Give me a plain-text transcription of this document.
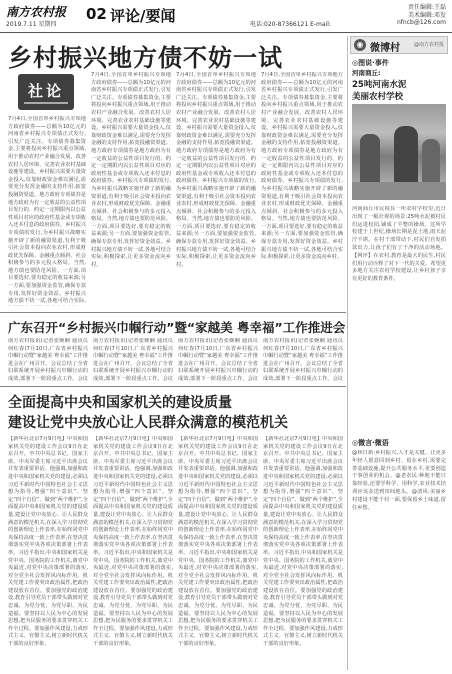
南方农村报
2019.7.11 星期四
02 评论/要闻	责任编辑:王磊
美术编辑:邓发
电话:020-87366121 E-mail:	nfncb@126.com
乡村振兴地方债不妨一试
社论
7月4日,全国首单乡村振兴专项地方政府债券——总额为10亿元的河南省乡村振兴专项债正式发行,引发广泛关注。专项债券募集资金,主要将投向乡村振兴重点领域,用于推动农村产业融合发展、改善农村人居环境、完善农业农村基础设施等建设。乡村振兴需要大量资金投入,仅靠财政资金难以满足,需要充分发挥金融的支持作用,拓宽投融资渠道。地方政府专项债券是地方政府为有一定收益的公益性项目发行的、约定一定期限内以公益性项目对应的政府性基金或专项收入还本付息的政府债券。乡村振兴专项债的发行,为乡村振兴战略实施开辟了新的融资渠道,有利于吸引社会资本投向农业农村,形成财政优先保障、金融重点倾斜、社会积极参与的多元投入格局。当然,地方债也要防范风险。一方面,项目要选好,要有稳定的收益来源;另一方面,要加强资金监管,确保专款专用,发挥好资金效益。乡村振兴地方债不妨一试,各地可结合实际,
7月4日,全国首单乡村振兴专项地方政府债券——总额为10亿元的河南省乡村振兴专项债正式发行,引发广泛关注。专项债券募集资金,主要将投向乡村振兴重点领域,用于推动农村产业融合发展、改善农村人居环境、完善农业农村基础设施等建设。乡村振兴需要大量资金投入,仅靠财政资金难以满足,需要充分发挥金融的支持作用,拓宽投融资渠道。地方政府专项债券是地方政府为有一定收益的公益性项目发行的、约定一定期限内以公益性项目对应的政府性基金或专项收入还本付息的政府债券。乡村振兴专项债的发行,为乡村振兴战略实施开辟了新的融资渠道,有利于吸引社会资本投向农业农村,形成财政优先保障、金融重点倾斜、社会积极参与的多元投入格局。当然,地方债也要防范风险。一方面,项目要选好,要有稳定的收益来源;另一方面,要加强资金监管,确保专款专用,发挥好资金效益。乡村振兴地方债不妨一试,各地可结合实际,积极探索,让更多资金流向乡村。
7月4日,全国首单乡村振兴专项地方政府债券——总额为10亿元的河南省乡村振兴专项债正式发行,引发广泛关注。专项债券募集资金,主要将投向乡村振兴重点领域,用于推动农村产业融合发展、改善农村人居环境、完善农业农村基础设施等建设。乡村振兴需要大量资金投入,仅靠财政资金难以满足,需要充分发挥金融的支持作用,拓宽投融资渠道。地方政府专项债券是地方政府为有一定收益的公益性项目发行的、约定一定期限内以公益性项目对应的政府性基金或专项收入还本付息的政府债券。乡村振兴专项债的发行,为乡村振兴战略实施开辟了新的融资渠道,有利于吸引社会资本投向农业农村,形成财政优先保障、金融重点倾斜、社会积极参与的多元投入格局。当然,地方债也要防范风险。一方面,项目要选好,要有稳定的收益来源;另一方面,要加强资金监管,确保专款专用,发挥好资金效益。乡村振兴地方债不妨一试,各地可结合实际,积极探索,让更多资金流向乡村。
7月4日,全国首单乡村振兴专项地方政府债券——总额为10亿元的河南省乡村振兴专项债正式发行,引发广泛关注。专项债券募集资金,主要将投向乡村振兴重点领域,用于推动农村产业融合发展、改善农村人居环境、完善农业农村基础设施等建设。乡村振兴需要大量资金投入,仅靠财政资金难以满足,需要充分发挥金融的支持作用,拓宽投融资渠道。地方政府专项债券是地方政府为有一定收益的公益性项目发行的、约定一定期限内以公益性项目对应的政府性基金或专项收入还本付息的政府债券。乡村振兴专项债的发行,为乡村振兴战略实施开辟了新的融资渠道,有利于吸引社会资本投向农业农村,形成财政优先保障、金融重点倾斜、社会积极参与的多元投入格局。当然,地方债也要防范风险。一方面,项目要选好,要有稳定的收益来源;另一方面,要加强资金监管,确保专款专用,发挥好资金效益。乡村振兴地方债不妨一试,各地可结合实际,积极探索,让更多资金流向乡村。
广东召开“乡村振兴巾帼行动”暨“家越美 粤幸福”工作推进会
南方农村报讯(记者张婉娴 通讯员何红春)7月10日,广东省乡村振兴巾帼行动暨“家越美 粤幸福”工作推进会在广州召开。会议总结了全省妇联系统开展乡村振兴巾帼行动的成效,部署下一阶段重点工作。会议
南方农村报讯(记者张婉娴 通讯员何红春)7月10日,广东省乡村振兴巾帼行动暨“家越美 粤幸福”工作推进会在广州召开。会议总结了全省妇联系统开展乡村振兴巾帼行动的成效,部署下一阶段重点工作。会议
南方农村报讯(记者张婉娴 通讯员何红春)7月10日,广东省乡村振兴巾帼行动暨“家越美 粤幸福”工作推进会在广州召开。会议总结了全省妇联系统开展乡村振兴巾帼行动的成效,部署下一阶段重点工作。会议
南方农村报讯(记者张婉娴 通讯员何红春)7月10日,广东省乡村振兴巾帼行动暨“家越美 粤幸福”工作推进会在广州召开。会议总结了全省妇联系统开展乡村振兴巾帼行动的成效,部署下一阶段重点工作。会议
全面提高中央和国家机关的建设质量
建设让党中央放心让人民群众满意的模范机关
【新华社北京7月9日电】中央和国家机关党的建设工作会议9日在北京召开。中共中央总书记、国家主席、中央军委主席习近平出席会议并发表重要讲话。他强调,加强和改进中央和国家机关党的建设,必须以习近平新时代中国特色社会主义思想为指导,增强“四个意识”、坚定“四个自信”、做到“两个维护”,全面提高中央和国家机关党的建设质量,建设让党中央放心、让人民群众满意的模范机关,在深入学习贯彻党的创新理论上作表率,在始终同党中央保持高度一致上作表率,在坚决贯彻落实党中央各项决策部署上作表率。习近平指出,中央和国家机关是党中央、国务院的工作机关,离党中央最近,对党中央决策部署的落实,对全党全社会发挥风向标作用。机关党建工作要突出政治属性,把政治建设放在首位。要加强党的政治建设,教育引导党员干部带头做到对党忠诚、为党分忧、为党尽职、为民造福。要坚持以人民为中心的发展思想,把为民服务的要求贯穿机关工作全过程。要加强作风建设,力戒形式主义、官僚主义,树立新时代机关干部的良好形象。
【新华社北京7月9日电】中央和国家机关党的建设工作会议9日在北京召开。中共中央总书记、国家主席、中央军委主席习近平出席会议并发表重要讲话。他强调,加强和改进中央和国家机关党的建设,必须以习近平新时代中国特色社会主义思想为指导,增强“四个意识”、坚定“四个自信”、做到“两个维护”,全面提高中央和国家机关党的建设质量,建设让党中央放心、让人民群众满意的模范机关,在深入学习贯彻党的创新理论上作表率,在始终同党中央保持高度一致上作表率,在坚决贯彻落实党中央各项决策部署上作表率。习近平指出,中央和国家机关是党中央、国务院的工作机关,离党中央最近,对党中央决策部署的落实,对全党全社会发挥风向标作用。机关党建工作要突出政治属性,把政治建设放在首位。要加强党的政治建设,教育引导党员干部带头做到对党忠诚、为党分忧、为党尽职、为民造福。要坚持以人民为中心的发展思想,把为民服务的要求贯穿机关工作全过程。要加强作风建设,力戒形式主义、官僚主义,树立新时代机关干部的良好形象。
【新华社北京7月9日电】中央和国家机关党的建设工作会议9日在北京召开。中共中央总书记、国家主席、中央军委主席习近平出席会议并发表重要讲话。他强调,加强和改进中央和国家机关党的建设,必须以习近平新时代中国特色社会主义思想为指导,增强“四个意识”、坚定“四个自信”、做到“两个维护”,全面提高中央和国家机关党的建设质量,建设让党中央放心、让人民群众满意的模范机关,在深入学习贯彻党的创新理论上作表率,在始终同党中央保持高度一致上作表率,在坚决贯彻落实党中央各项决策部署上作表率。习近平指出,中央和国家机关是党中央、国务院的工作机关,离党中央最近,对党中央决策部署的落实,对全党全社会发挥风向标作用。机关党建工作要突出政治属性,把政治建设放在首位。要加强党的政治建设,教育引导党员干部带头做到对党忠诚、为党分忧、为党尽职、为民造福。要坚持以人民为中心的发展思想,把为民服务的要求贯穿机关工作全过程。要加强作风建设,力戒形式主义、官僚主义,树立新时代机关干部的良好形象。
【新华社北京7月9日电】中央和国家机关党的建设工作会议9日在北京召开。中共中央总书记、国家主席、中央军委主席习近平出席会议并发表重要讲话。他强调,加强和改进中央和国家机关党的建设,必须以习近平新时代中国特色社会主义思想为指导,增强“四个意识”、坚定“四个自信”、做到“两个维护”,全面提高中央和国家机关党的建设质量,建设让党中央放心、让人民群众满意的模范机关,在深入学习贯彻党的创新理论上作表率,在始终同党中央保持高度一致上作表率,在坚决贯彻落实党中央各项决策部署上作表率。习近平指出,中央和国家机关是党中央、国务院的工作机关,离党中央最近,对党中央决策部署的落实,对全党全社会发挥风向标作用。机关党建工作要突出政治属性,把政治建设放在首位。要加强党的政治建设,教育引导党员干部带头做到对党忠诚、为党分忧、为党尽职、为民造福。要坚持以人民为中心的发展思想,把为民服务的要求贯穿机关工作全过程。要加强作风建设,力戒形式主义、官僚主义,树立新时代机关干部的良好形象。
◉ 微博村	@南方农村报
◎图说·事件
河南商丘:
25吨河南水泥
美丽农村学校
河南商丘市民权县一所农村学校里,近日出现了一幅壮观的场景:25吨水泥被村民们运进校园,铺成了平整的操场。这所学校建于上世纪,操场长期是泥土地,雨天泥泞不堪。在村干部带动下,村民们自发捐款出力,让孩子们有了干净的活动场地。【网评】在农村,教育是最大的民生,村民们用行动诠释了对下一代的关爱。希望更多地方关注农村学校建设,让乡村孩子享有更好的教育条件。
◎微言·微语
@林日新:乡村振兴,人才是关键。让更多年轻人愿意回到乡村、留在乡村,需要完善基础设施,提升公共服务水平,更要创造干事创业的机会。@老农民:种地不能只靠经验,还要学科学、用科学,农业技术培训应该多送到田间地头。@清风:美丽乡村建设不能千村一面,要保留乡土味道,留住乡愁。
